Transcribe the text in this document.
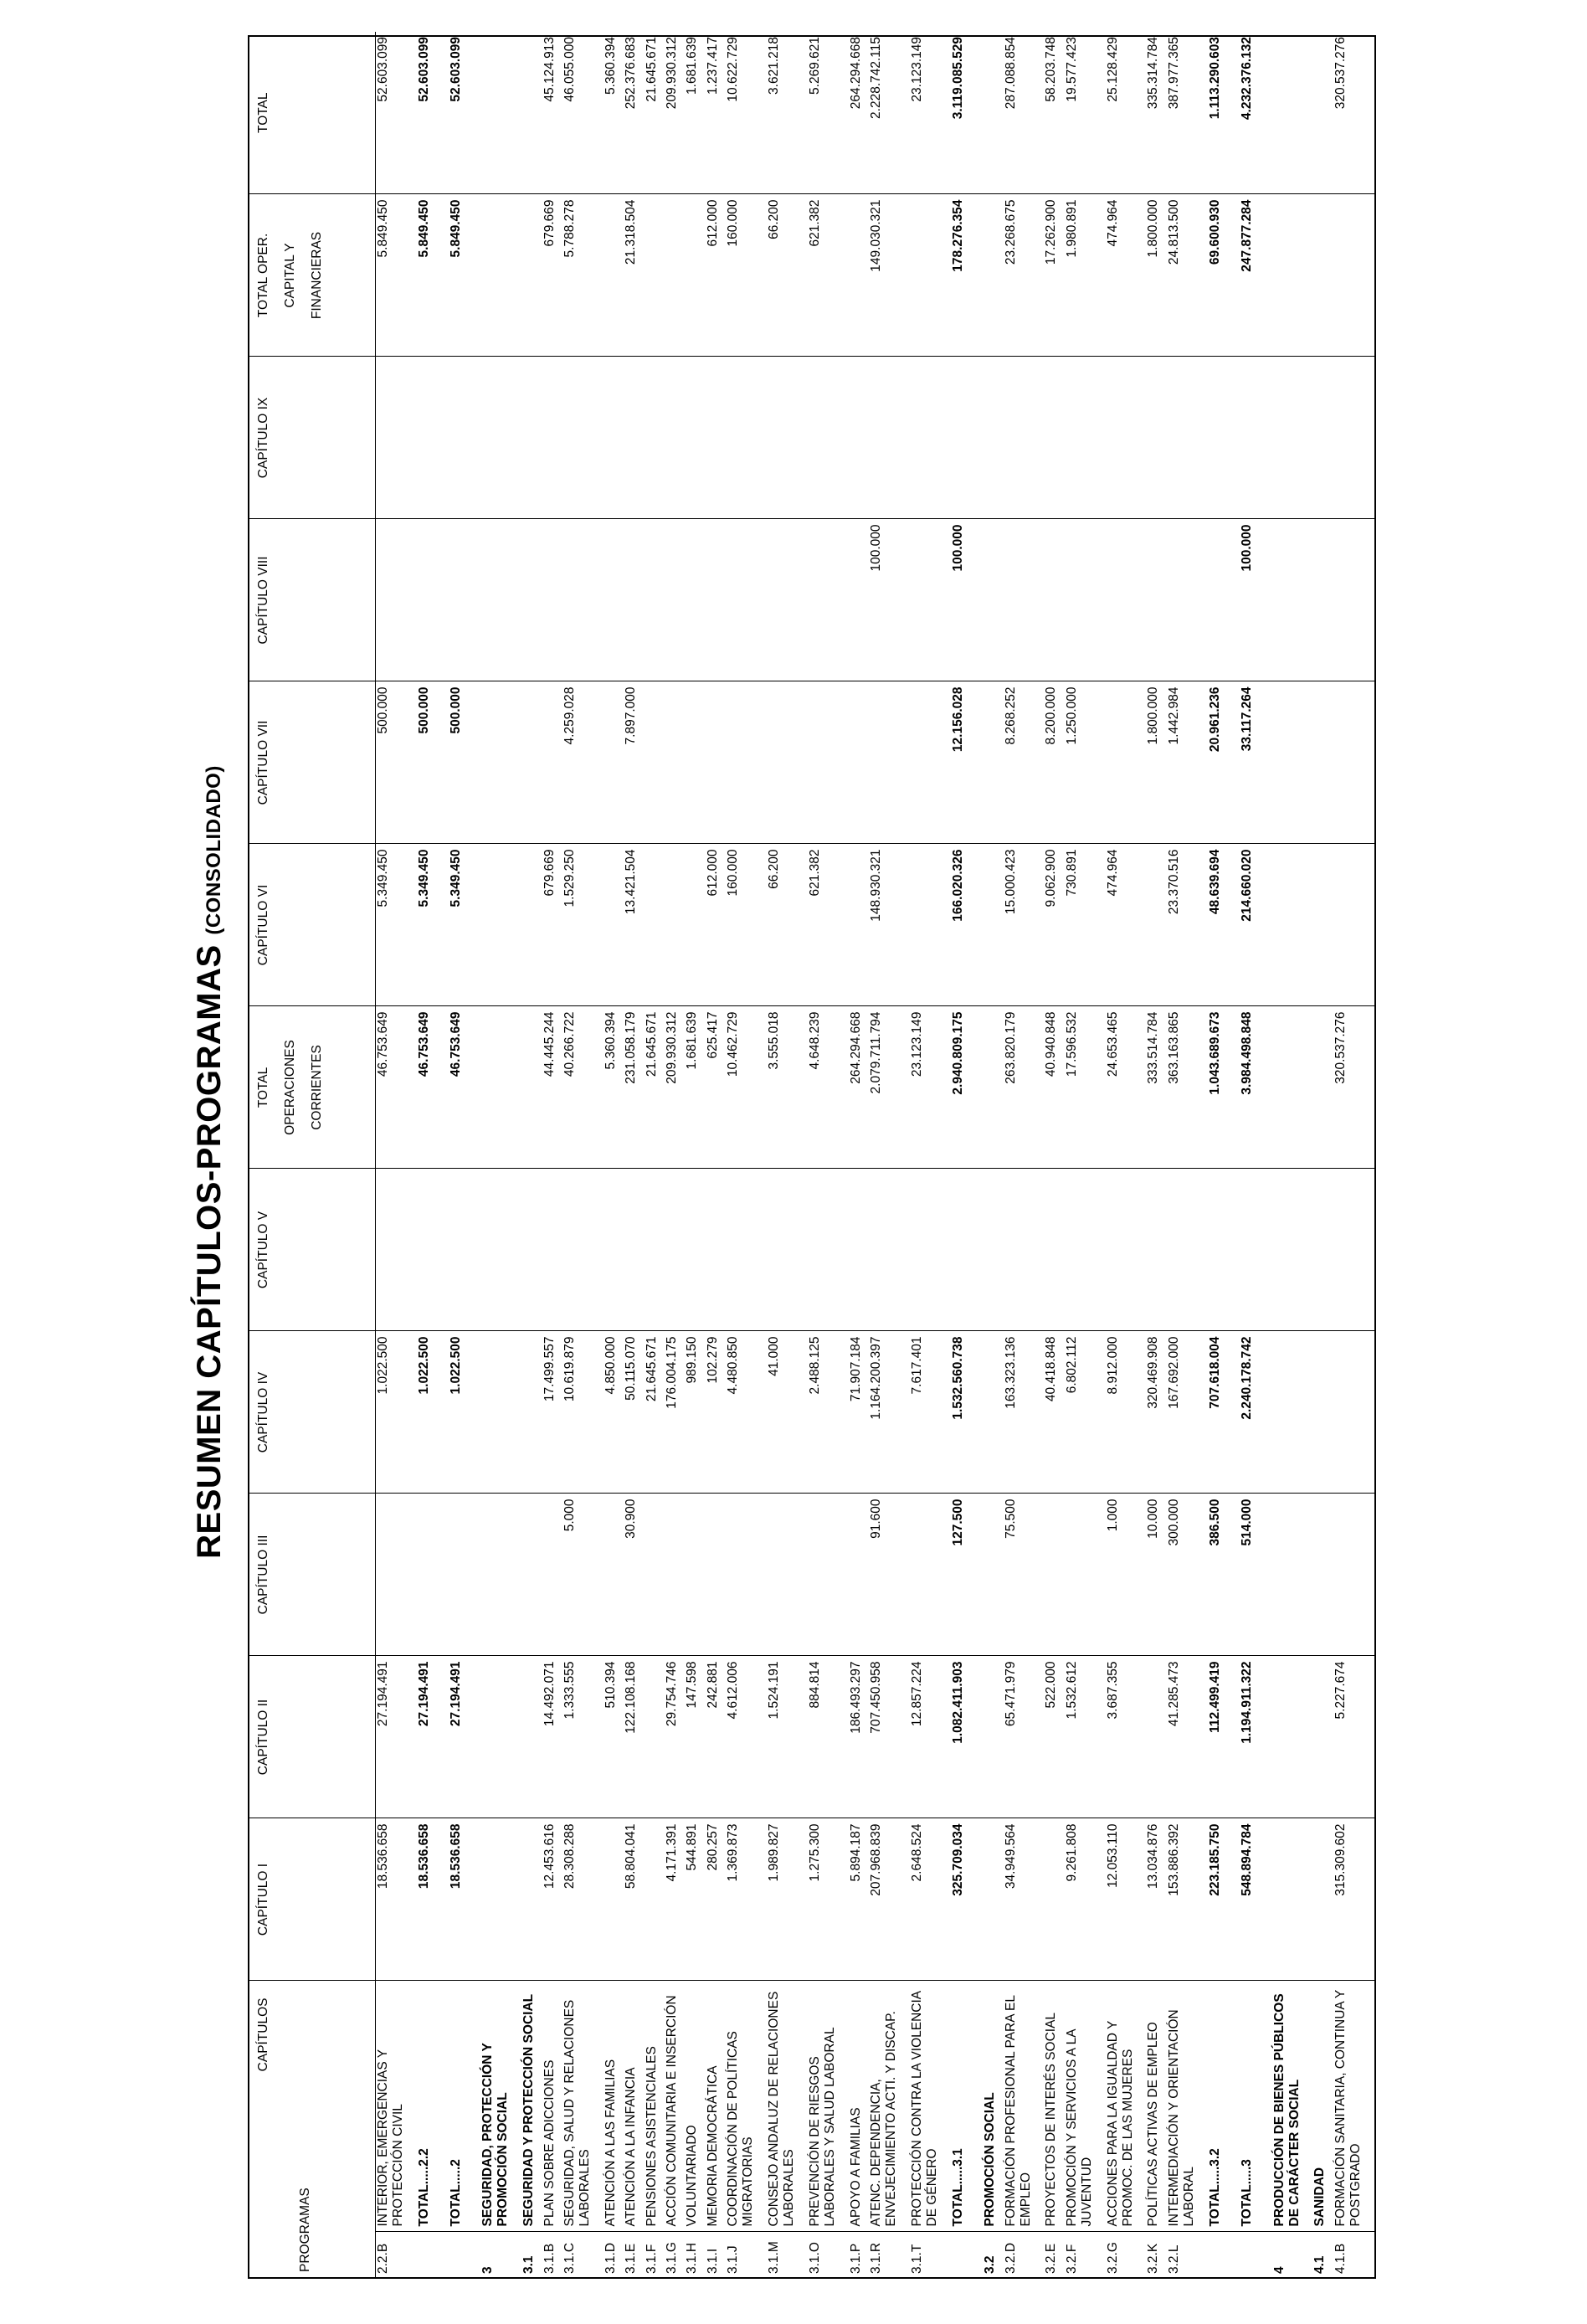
RESUMEN CAPÍTULOS-PROGRAMAS (CONSOLIDADO)
CAPÍTULOS
PROGRAMAS		CAPÍTULO I	CAPÍTULO II	CAPÍTULO III	CAPÍTULO IV	CAPÍTULO V	TOTAL OPERACIONES CORRIENTES	CAPÍTULO VI	CAPÍTULO VII	CAPÍTULO VIII	CAPÍTULO IX	TOTAL OPER. CAPITAL Y FINANCIERAS	TOTAL
2.2.B	INTERIOR, EMERGENCIAS Y PROTECCIÓN CIVIL	18.536.658	27.194.491		1.022.500		46.753.649	5.349.450	500.000			5.849.450	52.603.099
	TOTAL.....2.2	18.536.658	27.194.491		1.022.500		46.753.649	5.349.450	500.000			5.849.450	52.603.099

	TOTAL.....2	18.536.658	27.194.491		1.022.500		46.753.649	5.349.450	500.000			5.849.450	52.603.099

3	SEGURIDAD, PROTECCIÓN Y PROMOCIÓN SOCIAL												
3.1	SEGURIDAD Y PROTECCIÓN SOCIAL												
3.1.B	PLAN SOBRE ADICCIONES	12.453.616	14.492.071		17.499.557		44.445.244	679.669				679.669	45.124.913
3.1.C	SEGURIDAD, SALUD Y RELACIONES LABORALES	28.308.288	1.333.555	5.000	10.619.879		40.266.722	1.529.250	4.259.028			5.788.278	46.055.000
3.1.D	ATENCIÓN A LAS FAMILIAS		510.394		4.850.000		5.360.394						5.360.394
3.1.E	ATENCIÓN A LA INFANCIA	58.804.041	122.108.168	30.900	50.115.070		231.058.179	13.421.504	7.897.000			21.318.504	252.376.683
3.1.F	PENSIONES ASISTENCIALES				21.645.671		21.645.671						21.645.671
3.1.G	ACCIÓN COMUNITARIA E INSERCIÓN	4.171.391	29.754.746		176.004.175		209.930.312						209.930.312
3.1.H	VOLUNTARIADO	544.891	147.598		989.150		1.681.639						1.681.639
3.1.I	MEMORIA DEMOCRÁTICA	280.257	242.881		102.279		625.417	612.000				612.000	1.237.417
3.1.J	COORDINACIÓN DE POLÍTICAS MIGRATORIAS	1.369.873	4.612.006		4.480.850		10.462.729	160.000				160.000	10.622.729
3.1.M	CONSEJO ANDALUZ DE RELACIONES LABORALES	1.989.827	1.524.191		41.000		3.555.018	66.200				66.200	3.621.218
3.1.O	PREVENCIÓN DE RIESGOS LABORALES Y SALUD LABORAL	1.275.300	884.814		2.488.125		4.648.239	621.382				621.382	5.269.621
3.1.P	APOYO A FAMILIAS	5.894.187	186.493.297		71.907.184		264.294.668						264.294.668
3.1.R	ATENC. DEPENDENCIA, ENVEJECIMIENTO ACTI. Y DISCAP.	207.968.839	707.450.958	91.600	1.164.200.397		2.079.711.794	148.930.321		100.000		149.030.321	2.228.742.115
3.1.T	PROTECCIÓN CONTRA LA VIOLENCIA DE GÉNERO	2.648.524	12.857.224		7.617.401		23.123.149						23.123.149
	TOTAL.....3.1	325.709.034	1.082.411.903	127.500	1.532.560.738		2.940.809.175	166.020.326	12.156.028	100.000		178.276.354	3.119.085.529

3.2	PROMOCIÓN SOCIAL												
3.2.D	FORMACIÓN PROFESIONAL PARA EL EMPLEO	34.949.564	65.471.979	75.500	163.323.136		263.820.179	15.000.423	8.268.252			23.268.675	287.088.854
3.2.E	PROYECTOS DE INTERÉS SOCIAL		522.000		40.418.848		40.940.848	9.062.900	8.200.000			17.262.900	58.203.748
3.2.F	PROMOCIÓN Y SERVICIOS A LA JUVENTUD	9.261.808	1.532.612		6.802.112		17.596.532	730.891	1.250.000			1.980.891	19.577.423
3.2.G	ACCIONES PARA LA IGUALDAD Y PROMOC. DE LAS MUJERES	12.053.110	3.687.355	1.000	8.912.000		24.653.465	474.964				474.964	25.128.429
3.2.K	POLÍTICAS ACTIVAS DE EMPLEO	13.034.876		10.000	320.469.908		333.514.784		1.800.000			1.800.000	335.314.784
3.2.L	INTERMEDIACIÓN Y ORIENTACIÓN LABORAL	153.886.392	41.285.473	300.000	167.692.000		363.163.865	23.370.516	1.442.984			24.813.500	387.977.365
	TOTAL.....3.2	223.185.750	112.499.419	386.500	707.618.004		1.043.689.673	48.639.694	20.961.236			69.600.930	1.113.290.603

	TOTAL.....3	548.894.784	1.194.911.322	514.000	2.240.178.742		3.984.498.848	214.660.020	33.117.264	100.000		247.877.284	4.232.376.132

4	PRODUCCIÓN DE BIENES PÚBLICOS DE CARÁCTER SOCIAL												
4.1	SANIDAD												
4.1.B	FORMACIÓN SANITARIA, CONTINUA Y POSTGRADO	315.309.602	5.227.674				320.537.276						320.537.276
